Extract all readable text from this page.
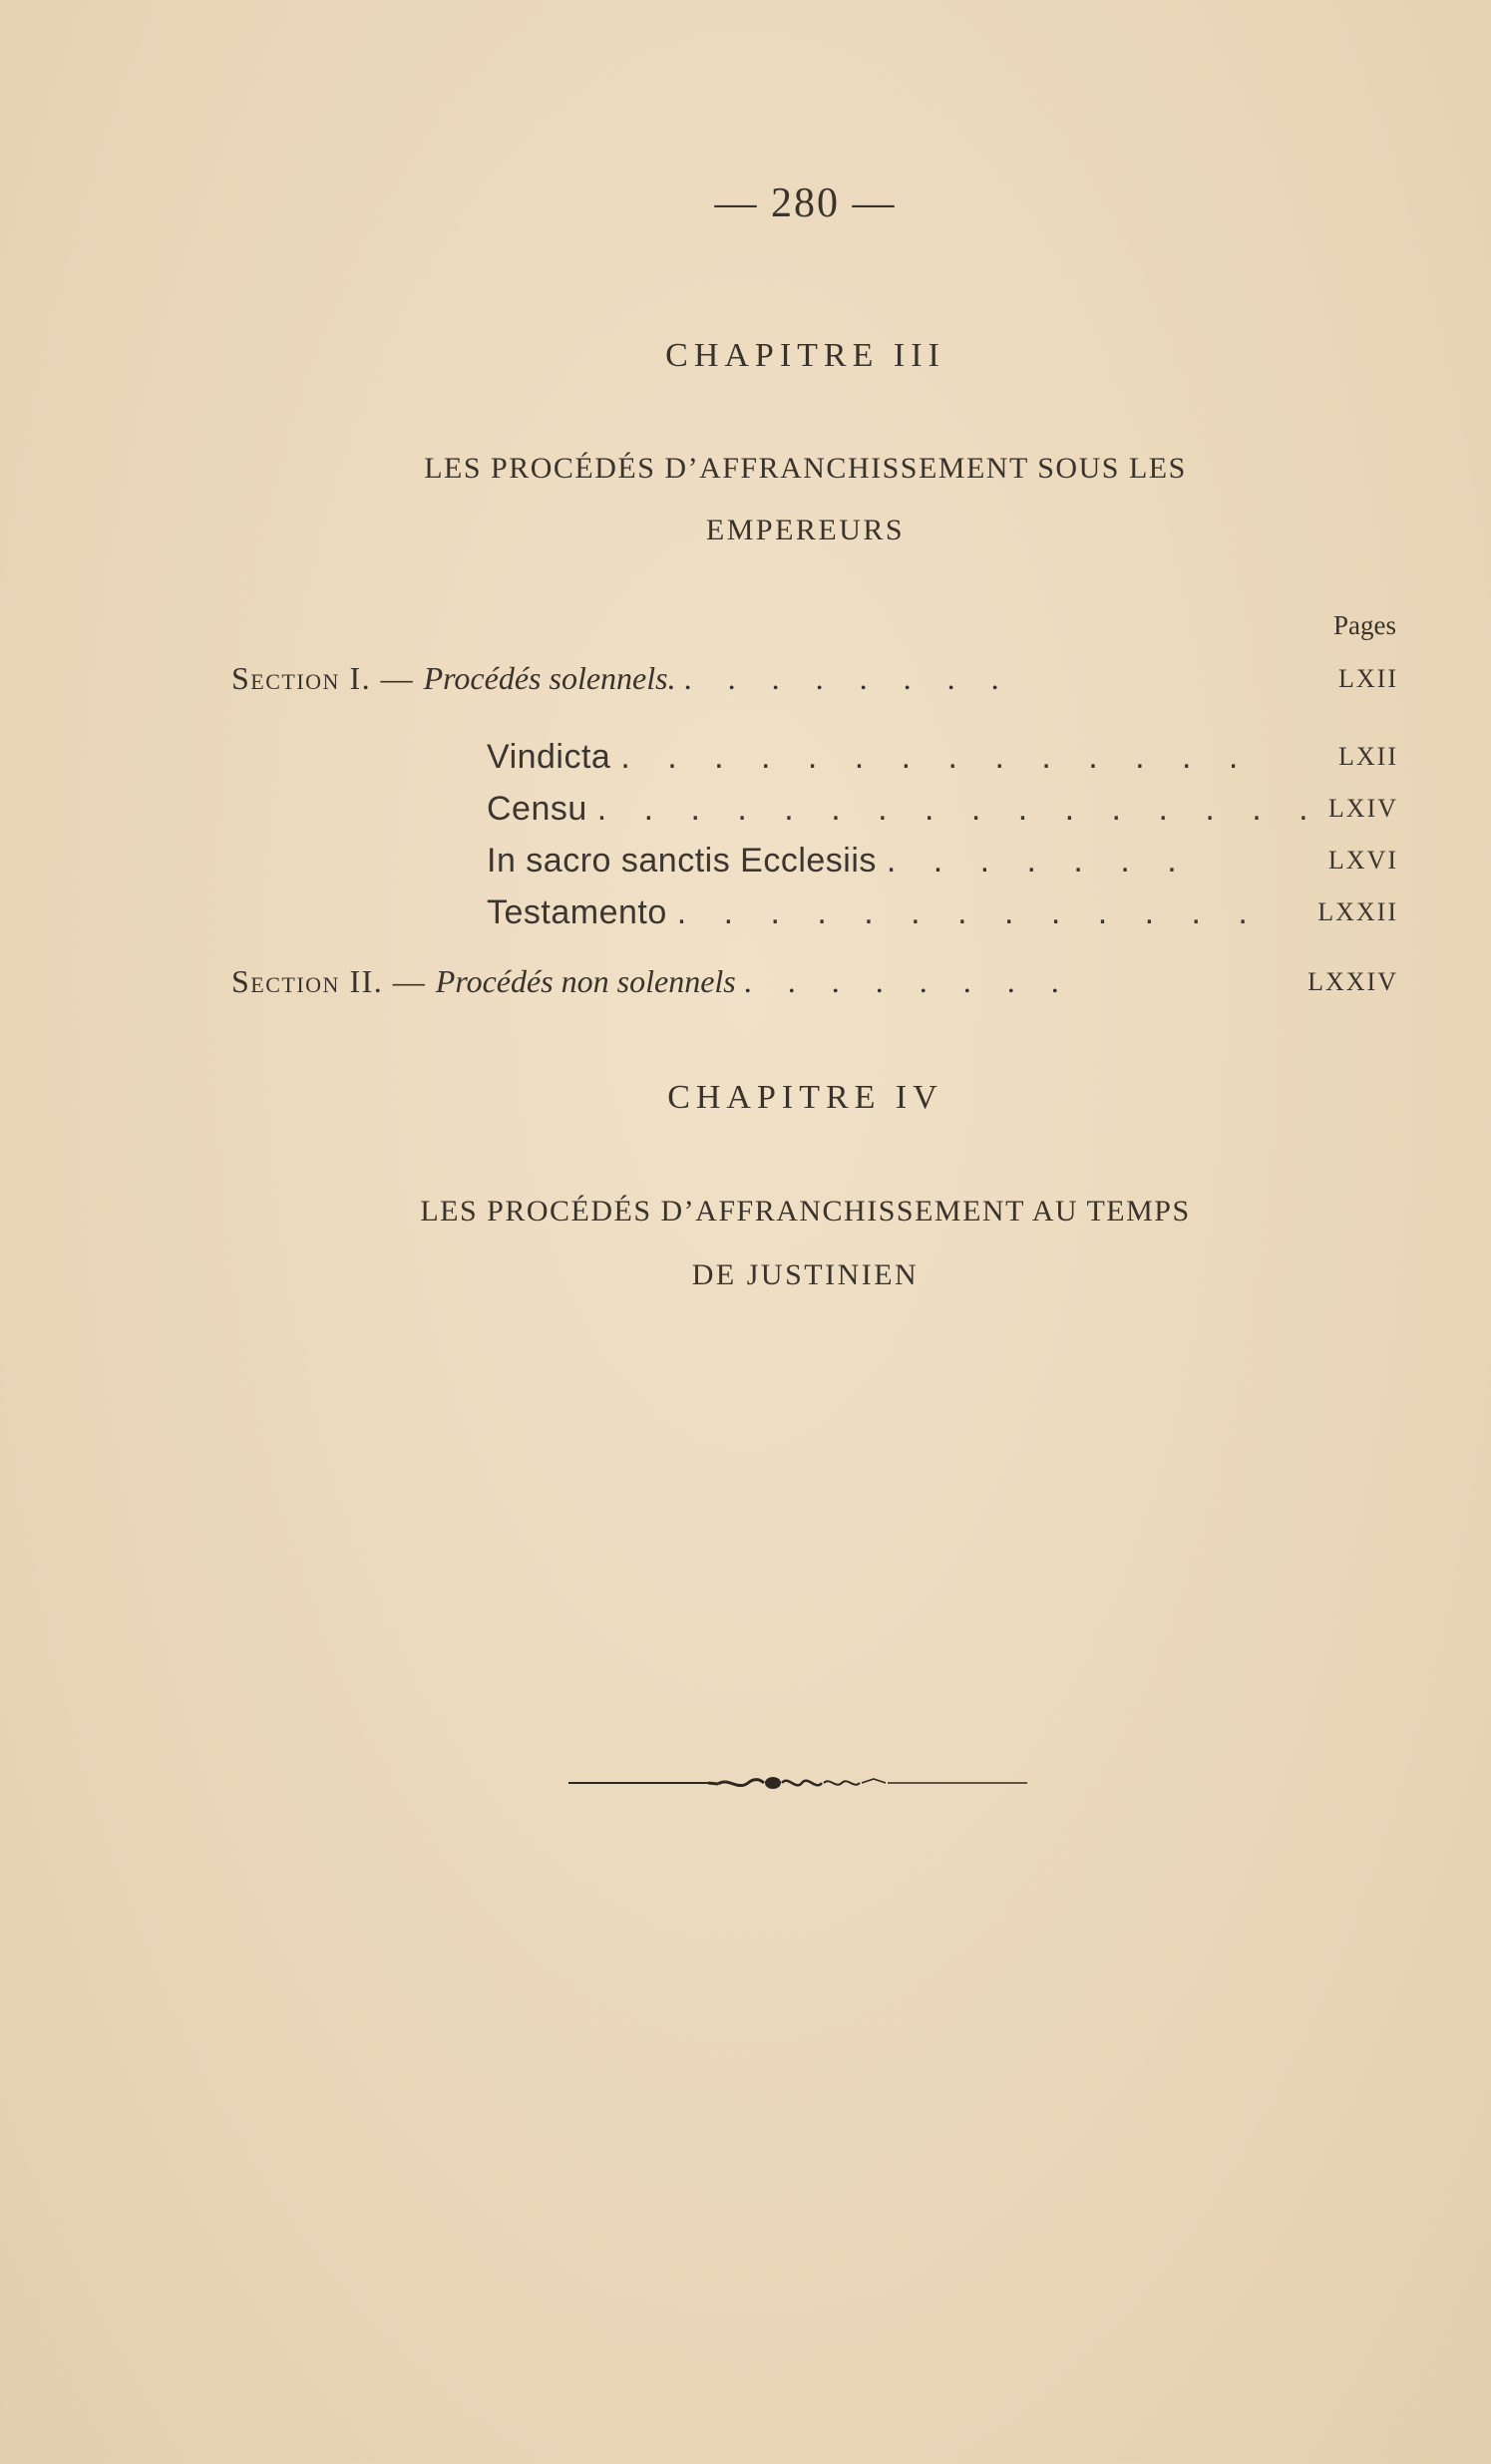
— 280 —
CHAPITRE III
LES PROCÉDÉS D’AFFRANCHISSEMENT SOUS LES
EMPEREURS
Pages
Section I. — Procédés solennels. . . . . . . . .	LXII
Vindicta . . . . . . . . . . . . . .	LXII
Censu . . . . . . . . . . . . . . . . LXIV
In sacro sanctis Ecclesiis . . . . . . .	LXVI
Testamento . . . . . . . . . . . . . LXXII
Section II. — Procédés non solennels . . . . . . . .	LXXIV
CHAPITRE IV
LES PROCÉDÉS D’AFFRANCHISSEMENT AU TEMPS
DE JUSTINIEN
